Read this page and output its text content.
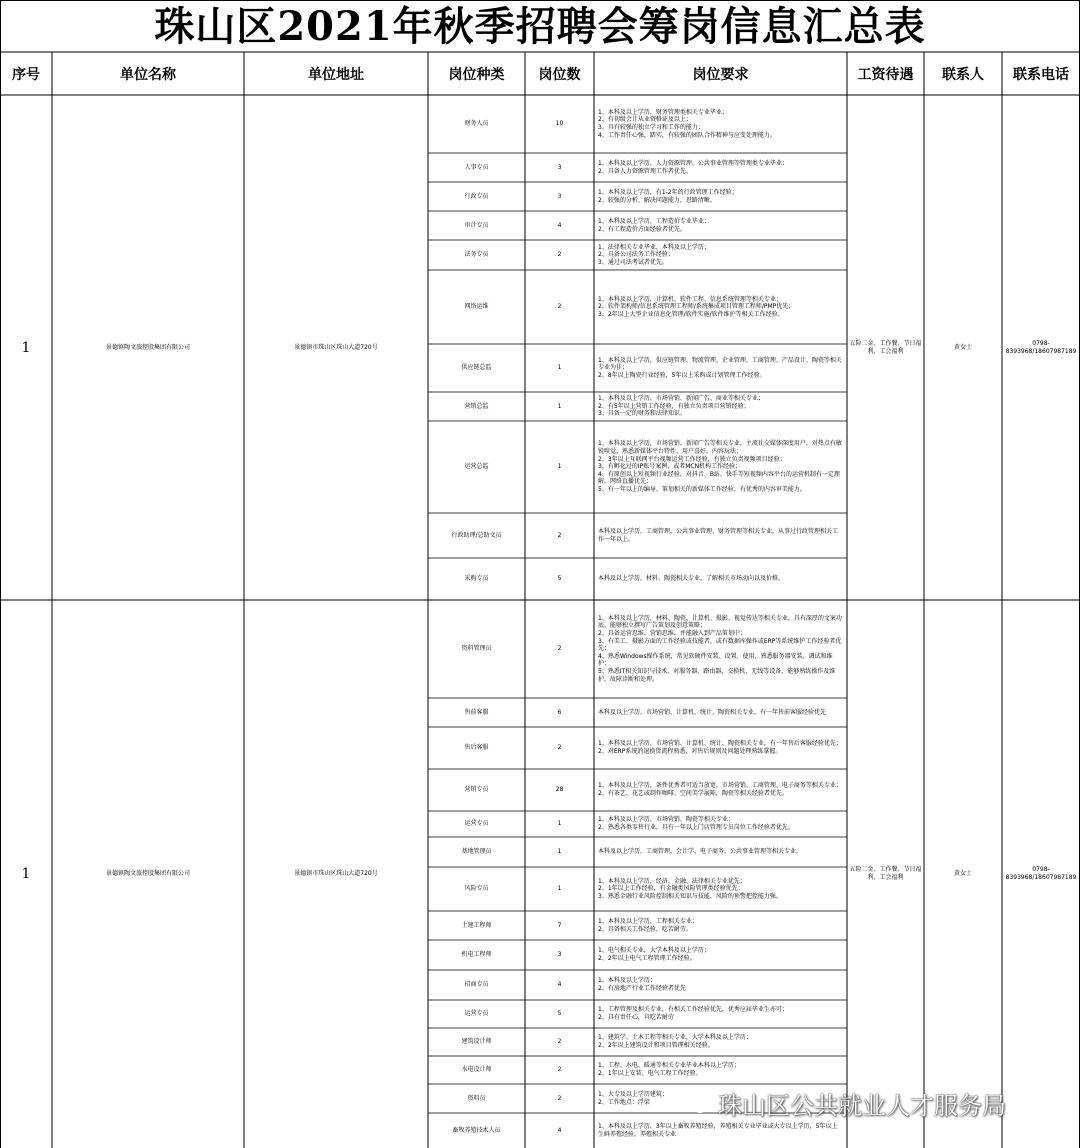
珠山区2021年秋季招聘会筹岗信息汇总表
序号	单位名称	单位地址	岗位种类	岗位数	岗位要求	工资待遇	联系人	联系电话
1	景德镇陶文旅控股集团有限公司	景德镇市珠山区珠山大道720号
五险二金、工作餐、节日福利、工会福利
黄女士
0798-8393968/18607987189
财务人员	10
1、本科及以上学历，财务管理类相关专业毕业；
2、有初级会计从业资格证及以上；
3、具有较强的独立学习和工作的能力；
4、工作责任心强，踏实，有较强的团队合作精神与应变处理能力。
人事专员	3
1、本科及以上学历，人力资源管理、公共事业管理等管理类专业毕业；
2、具备人力资源管理工作者优先。
行政专员	3
1、本科及以上学历，有1-2年的行政管理工作经验；
2、较强的分析、解决问题能力，思路清晰。
审计专员	4
1、本科及以上学历，工程造价专业毕业；
2、有工程造价方面经验者优先。
法务专员	2
1、法律相关专业毕业，本科及以上学历；
2、具备公司法务工作经验；
3、通过司法考试者优先。
网络运维	2
1、本科及以上学历，计算机、软件工程、信息系统管理等相关专业；
2、软件架构师/信息系统管理工程师/系统集成项目管理工程师/PMP优先；
3、2年以上大型企业信息化管理/软件实施/软件维护等相关工作经验。
供应链总监	1
1、本科及以上学历，供应链管理、物流管理、企业管理、工商管理、产品设计、陶瓷等相关专业为佳；
2、8年以上陶瓷行业经验，5年以上采购或计划管理工作经验。
营销总监	1
1、本科及以上学历，市场营销、新闻广告、商业等相关专业；
2、有5年以上营销工作经验，有独立负责项目营销经验；
3、具备一定的财务和法律知识。
运营总监	1
1、本科及以上学历，市场营销、新闻广告等相关专业，主流社交媒体深度用户，对热点有敏锐嗅觉，熟悉新媒体平台特性、用户喜好、内容玩法；
2、3年以上互联网平台视频运营工作经验，有独立负责视频项目经验；
3、有孵化过的IP账号案例，或者MCN机构工作经验；
4、有原创以上短视频行业经验，对抖音、B站、快手等短视频内容平台的运营机制有一定理解，网络直播优先；
5、有一年以上的编导、策划相关的新媒体工作经验，有优秀的内容审美能力。
行政助理/总助文员	2
本科及以上学历，工商管理、公共事业管理、财务管理等相关专业，从事过行政管理相关工作一年以上。
采购专员	5	本科及以上学历，材料、陶瓷相关专业，了解相关市场动向以及价格。
1	景德镇陶文旅控股集团有限公司	景德镇市珠山区珠山大道720号
五险二金、工作餐、节日福利、工会福利
黄女士
0798-8393968/18607987189
资料管理员	2
1、本科及以上学历，材料、陶瓷、计算机、摄影、视觉传达等相关专业，具有深厚的文案功底，能够独立撰写广告策划及创意策略；
2、具备运营思维、营销思维，并能融入到产品策划中；
3、有美工、摄影方面的工作经验或技能者，或有数据库操作或ERP等系统维护工作经验者优先；
4、熟悉Windows操作系统，常见软硬件安装、设置、使用，熟悉服务器安装、调试和维护；
5、熟悉IT相关知识与技术，对服务器、路由器、交换机、无线等设备，能够熟练操作及维护，故障诊断和处理。
售前客服	6	本科及以上学历，市场营销、计算机、统计、陶瓷相关专业，有一年售前客服经验优先
售后客服	2
1、本科及以上学历，市场营销、计算机、统计、陶瓷相关专业，有一年售后客服经验优先；
2、对ERP系统的退换货流程熟悉，对售后规则及问题处理熟练掌握。
营销专员	28
1、本科及以上学历，条件优秀者可适当放宽，市场营销、工商管理、电子商务等相关专业；
2、有茶艺、花艺或制作咖啡、空间美学展陈，陶瓷等相关经验者优先。
运营专员	1
1、本科及以上学历，市场营销、陶瓷等相关专业；
2、熟悉各类零售行业，具有一年以上门店管理专员岗位工作经验者优先。
基地管理员	1	本科及以上学历，工商管理、会计学、电子商务、公共事业管理等相关专业。
风险专员	1
1、本科及以上学历，经济、金融、法律相关专业优先；
2、1年以上工作经验，有金融类风险管理类经验优先；
3、熟悉金融行业风险控制相关知识与技能，风险的预警把控能力强。
土建工程师	7
1、本科及以上学历，工程相关专业；
2、具备相关工作经验，吃苦耐劳。
机电工程师	3
1、电气相关专业，大学本科及以上学历；
2、2年以上电气工程管理工作经验。
招商专员	4
1、本科及以上学历；
2、有房地产行业工作经验者优先
运营专员	5
1、工程管理及相关专业，有相关工作经验优先，优秀应届毕业生亦可；
2、具有责任心，肯吃苦耐劳
建筑设计师	2
1、建筑学、土木工程等相关专业，大学本科及以上学历；
2、2年以上建筑设计和项目管理相关经验。
水电设计师	2
1、工程、水电、暖通等相关专业毕业本科以上学历；
2、1年以上安装、电气工程工作经验。
资料员	2
1、大专及以上学历建筑；
2、工作地点：浮梁
畜牧养殖技术人员	4
1、本科及以上学历，3年以上畜牧养殖经验，养殖相关专业毕业或大专以上学历，5年以上生鲜养殖经验，养殖相关专业
珠山区公共就业人才服务局
